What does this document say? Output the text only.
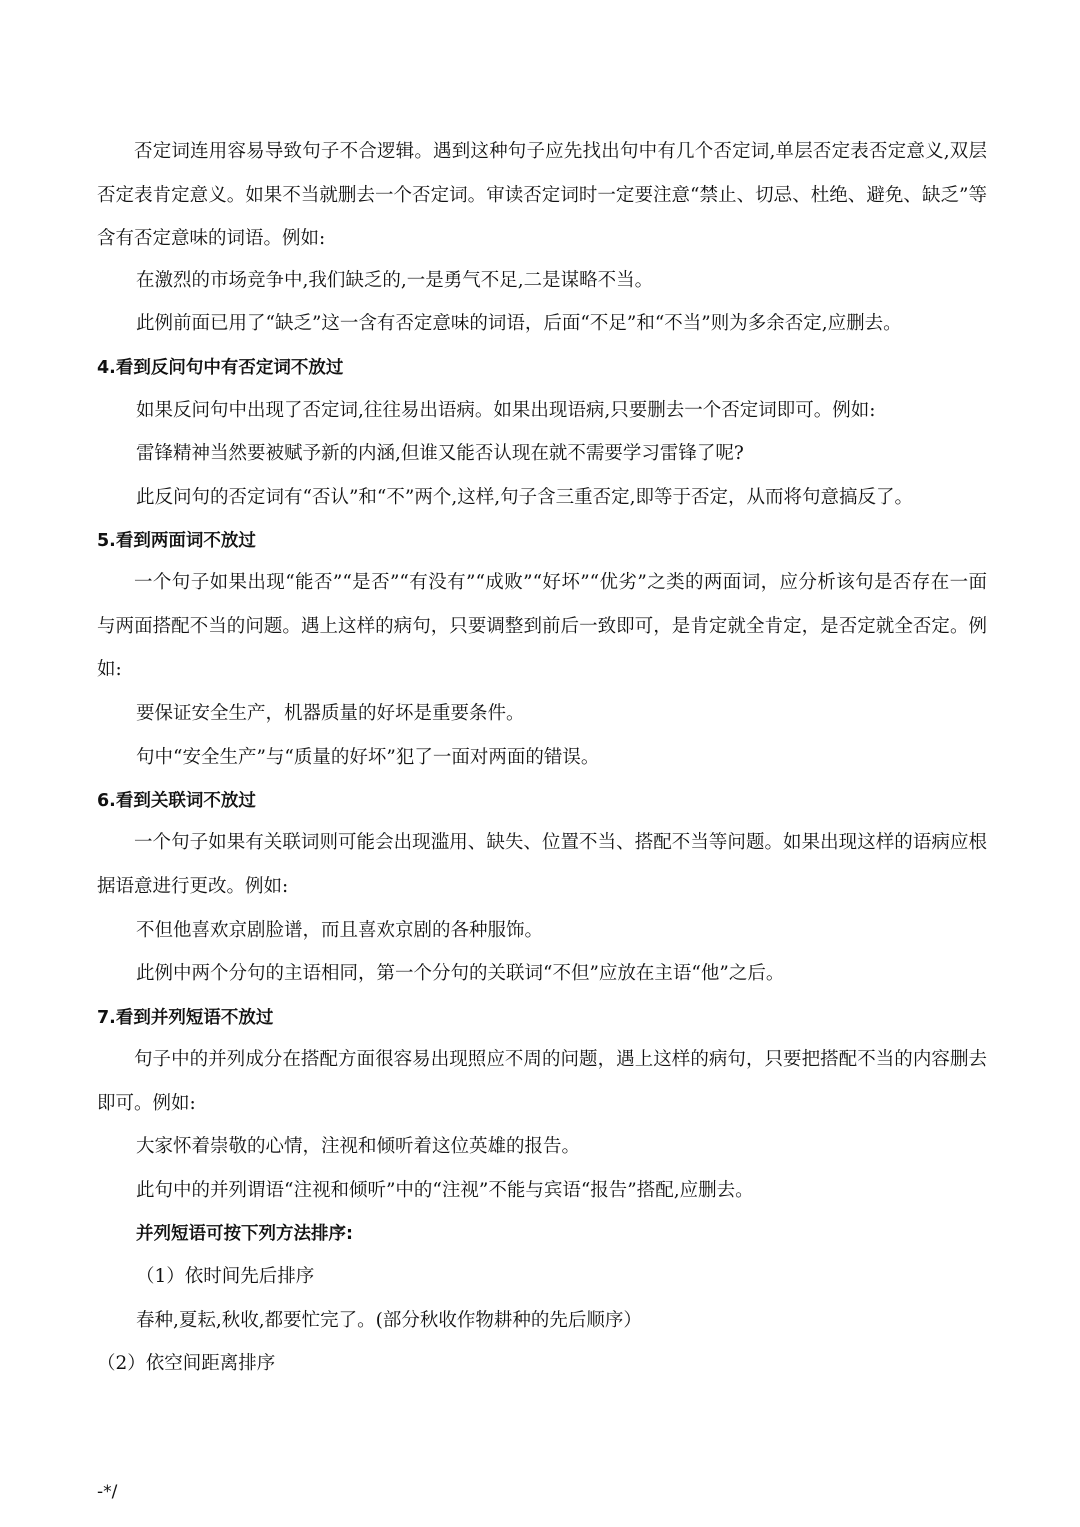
否定词连用容易导致句子不合逻辑。遇到这种句子应先找出句中有几个否定词,单层否定表否定意义,双层否定表肯定意义。如果不当就删去一个否定词。审读否定词时一定要注意“禁止、切忌、杜绝、避免、缺乏”等含有否定意味的词语。例如:

在激烈的市场竞争中,我们缺乏的,一是勇气不足,二是谋略不当。

此例前面已用了“缺乏”这一含有否定意味的词语，后面“不足”和“不当”则为多余否定,应删去。

4.看到反问句中有否定词不放过

如果反问句中出现了否定词,往往易出语病。如果出现语病,只要删去一个否定词即可。例如:

雷锋精神当然要被赋予新的内涵,但谁又能否认现在就不需要学习雷锋了呢?

此反问句的否定词有“否认”和“不”两个,这样,句子含三重否定,即等于否定，从而将句意搞反了。

5.看到两面词不放过

一个句子如果出现“能否”“是否”“有没有”“成败”“好坏”“优劣”之类的两面词，应分析该句是否存在一面与两面搭配不当的问题。遇上这样的病句，只要调整到前后一致即可，是肯定就全肯定，是否定就全否定。例如:

要保证安全生产，机器质量的好坏是重要条件。

句中“安全生产”与“质量的好坏”犯了一面对两面的错误。

6.看到关联词不放过

一个句子如果有关联词则可能会出现滥用、缺失、位置不当、搭配不当等问题。如果出现这样的语病应根据语意进行更改。例如:

不但他喜欢京剧脸谱，而且喜欢京剧的各种服饰。

此例中两个分句的主语相同，第一个分句的关联词“不但”应放在主语“他”之后。

7.看到并列短语不放过

句子中的并列成分在搭配方面很容易出现照应不周的问题，遇上这样的病句，只要把搭配不当的内容删去即可。例如:

大家怀着崇敬的心情，注视和倾听着这位英雄的报告。

此句中的并列谓语“注视和倾听”中的“注视”不能与宾语“报告”搭配,应删去。

并列短语可按下列方法排序:

（1）依时间先后排序

春种,夏耘,秋收,都要忙完了。(部分秋收作物耕种的先后顺序）

（2）依空间距离排序

-*/
